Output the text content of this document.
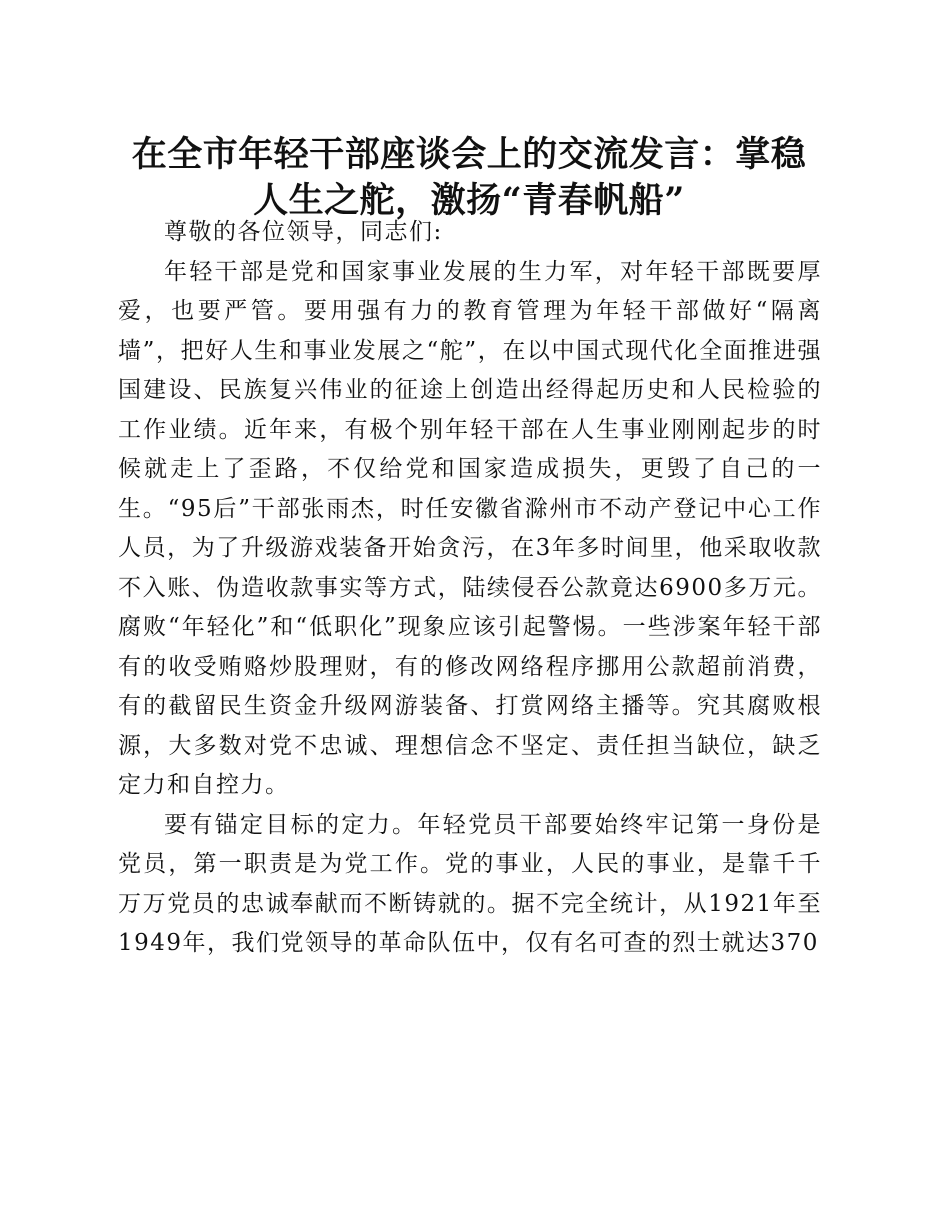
在全市年轻干部座谈会上的交流发言：掌稳人生之舵，激扬“青春帆船”

尊敬的各位领导，同志们:

年轻干部是党和国家事业发展的生力军，对年轻干部既要厚爱，也要严管。要用强有力的教育管理为年轻干部做好“隔离墙”，把好人生和事业发展之“舵”，在以中国式现代化全面推进强国建设、民族复兴伟业的征途上创造出经得起历史和人民检验的工作业绩。近年来，有极个别年轻干部在人生事业刚刚起步的时候就走上了歪路，不仅给党和国家造成损失，更毁了自己的一生。“95后”干部张雨杰，时任安徽省滁州市不动产登记中心工作人员，为了升级游戏装备开始贪污，在3年多时间里，他采取收款不入账、伪造收款事实等方式，陆续侵吞公款竟达6900多万元。腐败“年轻化”和“低职化”现象应该引起警惕。一些涉案年轻干部有的收受贿赂炒股理财，有的修改网络程序挪用公款超前消费，有的截留民生资金升级网游装备、打赏网络主播等。究其腐败根源，大多数对党不忠诚、理想信念不坚定、责任担当缺位，缺乏定力和自控力。

要有锚定目标的定力。年轻党员干部要始终牢记第一身份是党员，第一职责是为党工作。党的事业，人民的事业，是靠千千万万党员的忠诚奉献而不断铸就的。据不完全统计，从1921年至1949年，我们党领导的革命队伍中，仅有名可查的烈士就达370
